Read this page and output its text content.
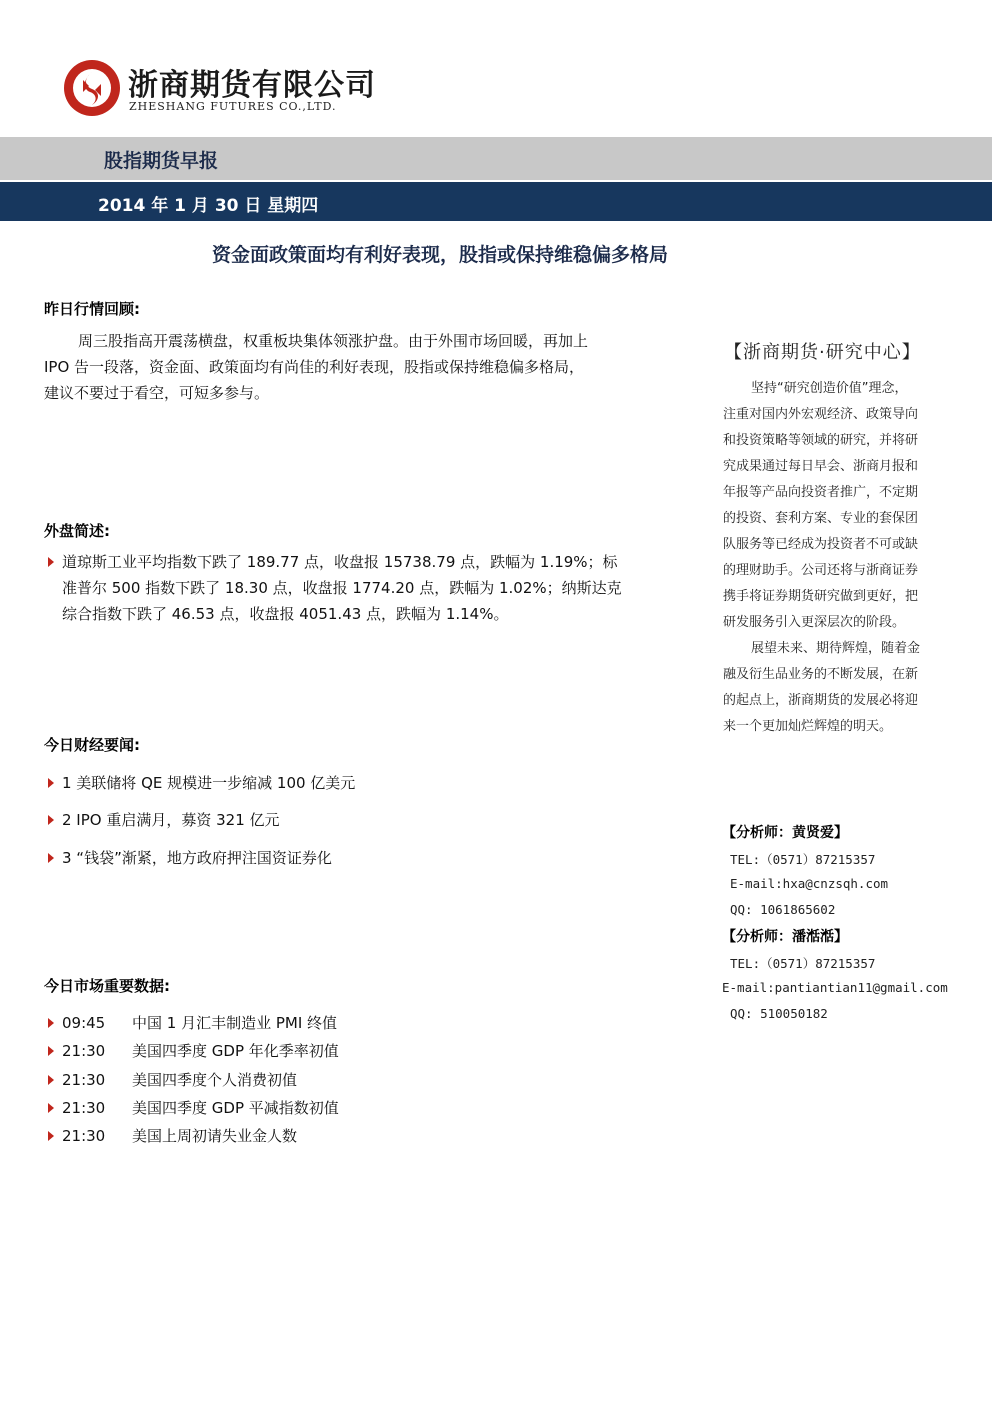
浙商期货有限公司
ZHESHANG FUTURES CO.,LTD.
股指期货早报
2014 年 1 月 30 日 星期四
资金面政策面均有利好表现，股指或保持维稳偏多格局
昨日行情回顾:
周三股指高开震荡横盘，权重板块集体领涨护盘。由于外围市场回暖，再加上
IPO 告一段落，资金面、政策面均有尚佳的利好表现，股指或保持维稳偏多格局，
建议不要过于看空，可短多参与。
外盘简述:
道琼斯工业平均指数下跌了 189.77 点，收盘报 15738.79 点，跌幅为 1.19%；标
准普尔 500 指数下跌了 18.30 点，收盘报 1774.20 点，跌幅为 1.02%；纳斯达克
综合指数下跌了 46.53 点，收盘报 4051.43 点，跌幅为 1.14%。
今日财经要闻:
1 美联储将 QE 规模进一步缩减 100 亿美元
2 IPO 重启满月，募资 321 亿元
3 “钱袋”渐紧，地方政府押注国资证券化
今日市场重要数据:
09:45 中国 1 月汇丰制造业 PMI 终值
21:30 美国四季度 GDP 年化季率初值
21:30 美国四季度个人消费初值
21:30 美国四季度 GDP 平减指数初值
21:30 美国上周初请失业金人数
【浙商期货·研究中心】
坚持“研究创造价值”理念，
注重对国内外宏观经济、政策导向
和投资策略等领域的研究，并将研
究成果通过每日早会、浙商月报和
年报等产品向投资者推广，不定期
的投资、套利方案、专业的套保团
队服务等已经成为投资者不可或缺
的理财助手。公司还将与浙商证券
携手将证券期货研究做到更好，把
研发服务引入更深层次的阶段。
展望未来、期待辉煌，随着金
融及衍生品业务的不断发展，在新
的起点上，浙商期货的发展必将迎
来一个更加灿烂辉煌的明天。
【分析师：黄贤爱】
TEL:（0571）87215357
E-mail:hxa@cnzsqh.com
QQ: 1061865602
【分析师：潘湉湉】
TEL:（0571）87215357
E-mail:pantiantian11@gmail.com
QQ: 510050182
